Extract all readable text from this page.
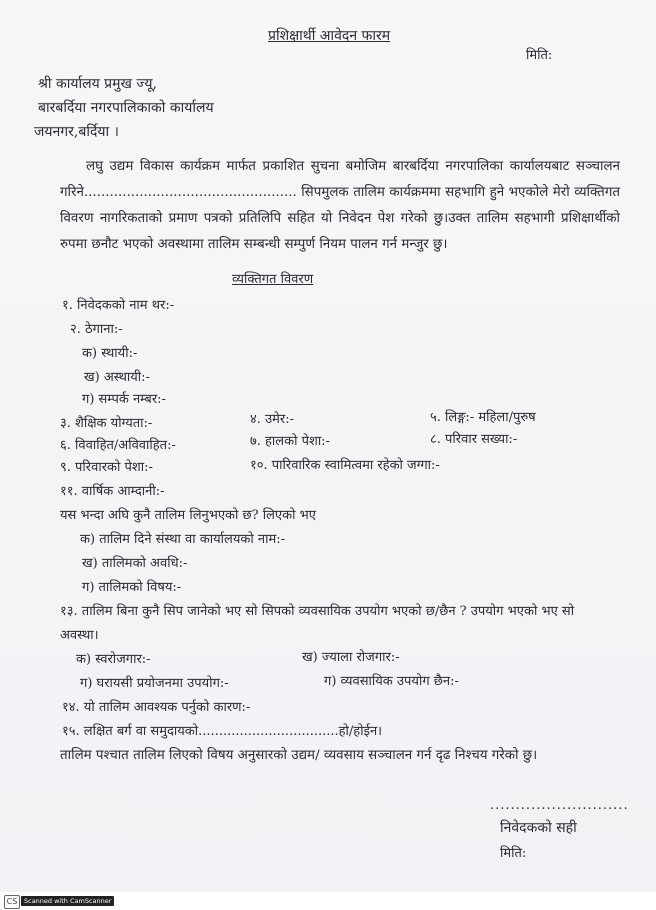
प्रशिक्षार्थी आवेदन फारम
मिति:
श्री कार्यालय प्रमुख ज्यू,
बारबर्दिया नगरपालिकाको कार्यालय
जयनगर,बर्दिया ।
लघु उद्यम विकास कार्यक्रम मार्फत प्रकाशित सुचना बमोजिम बारबर्दिया नगरपालिका कार्यालयबाट सञ्चालन गरिने.................................................. सिपमुलक तालिम कार्यक्रममा सहभागि हुने भएकोले मेरो व्यक्तिगत विवरण नागरिकताको प्रमाण पत्रको प्रतिलिपि सहित यो निवेदन पेश गरेको छु।उक्त तालिम सहभागी प्रशिक्षार्थीको रुपमा छनौट भएको अवस्थामा तालिम सम्बन्धी सम्पुर्ण नियम पालन गर्न मन्जुर छु।
व्यक्तिगत विवरण
१. निवेदकको नाम थर:-
२. ठेगाना:-
क) स्थायी:-
ख) अस्थायी:-
ग) सम्पर्क नम्बर:-
३. शैक्षिक योग्यता:-	४. उमेर:-	५. लिङ्ग:- महिला/पुरुष
६. विवाहित/अविवाहित:-	७. हालको पेशा:-	८. परिवार सख्या:-
९. परिवारको पेशा:-	१०. पारिवारिक स्वामित्वमा रहेको जग्गा:-
११. वार्षिक आम्दानी:-
यस भन्दा अघि कुनै तालिम लिनुभएको छ? लिएको भए
क) तालिम दिने संस्था वा कार्यालयको नाम:-
ख) तालिमको अवधि:-
ग) तालिमको विषय:-
१३. तालिम बिना कुनै सिप जानेको भए सो सिपको व्यवसायिक उपयोग भएको छ/छैन ? उपयोग भएको भए सो
अवस्था।
क) स्वरोजगार:-	ख) ज्याला रोजगार:-
ग) घरायसी प्रयोजनमा उपयोग:-	ग) व्यवसायिक उपयोग छैन:-
१४. यो तालिम आवश्यक पर्नुको कारण:-
१५. लक्षित बर्ग वा समुदायको..................................हो/होईन।
तालिम पश्चात तालिम लिएको विषय अनुसारको उद्यम/ व्यवसाय सञ्चालन गर्न दृढ निश्चय गरेको छु।
...........................
निवेदकको सही
मिति:
CS	Scanned with CamScanner
